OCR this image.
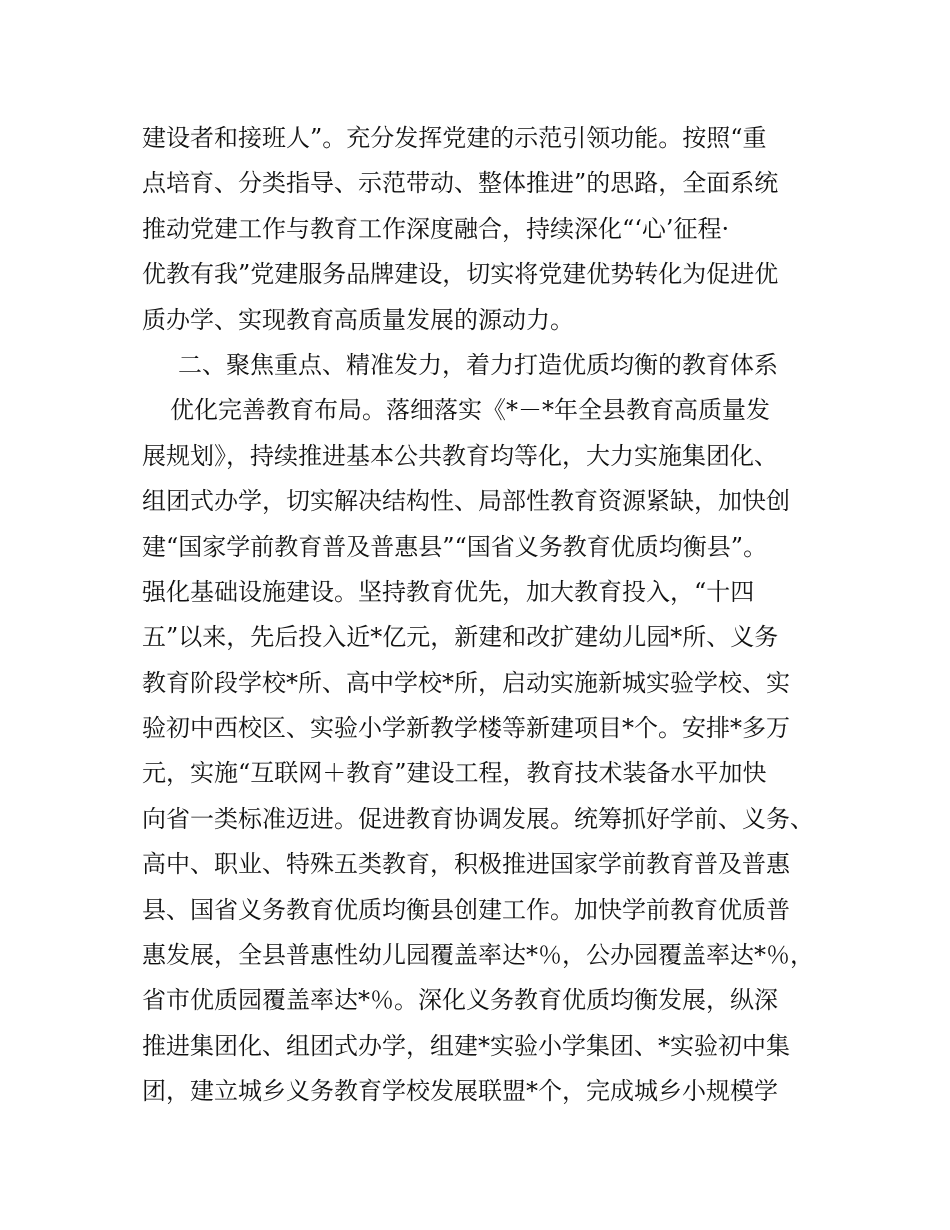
建设者和接班人”。充分发挥党建的示范引领功能。按照“重
点培育、分类指导、示范带动、整体推进”的思路，全面系统
推动党建工作与教育工作深度融合，持续深化“‘心’征程·
优教有我”党建服务品牌建设，切实将党建优势转化为促进优
质办学、实现教育高质量发展的源动力。
二、聚焦重点、精准发力，着力打造优质均衡的教育体系
优化完善教育布局。落细落实《*－*年全县教育高质量发
展规划》，持续推进基本公共教育均等化，大力实施集团化、
组团式办学，切实解决结构性、局部性教育资源紧缺，加快创
建“国家学前教育普及普惠县”“国省义务教育优质均衡县”。
强化基础设施建设。坚持教育优先，加大教育投入，“十四
五”以来，先后投入近*亿元，新建和改扩建幼儿园*所、义务
教育阶段学校*所、高中学校*所，启动实施新城实验学校、实
验初中西校区、实验小学新教学楼等新建项目*个。安排*多万
元，实施“互联网＋教育”建设工程，教育技术装备水平加快
向省一类标准迈进。促进教育协调发展。统筹抓好学前、义务、
高中、职业、特殊五类教育，积极推进国家学前教育普及普惠
县、国省义务教育优质均衡县创建工作。加快学前教育优质普
惠发展，全县普惠性幼儿园覆盖率达*％，公办园覆盖率达*％，
省市优质园覆盖率达*％。深化义务教育优质均衡发展，纵深
推进集团化、组团式办学，组建*实验小学集团、*实验初中集
团，建立城乡义务教育学校发展联盟*个，完成城乡小规模学
